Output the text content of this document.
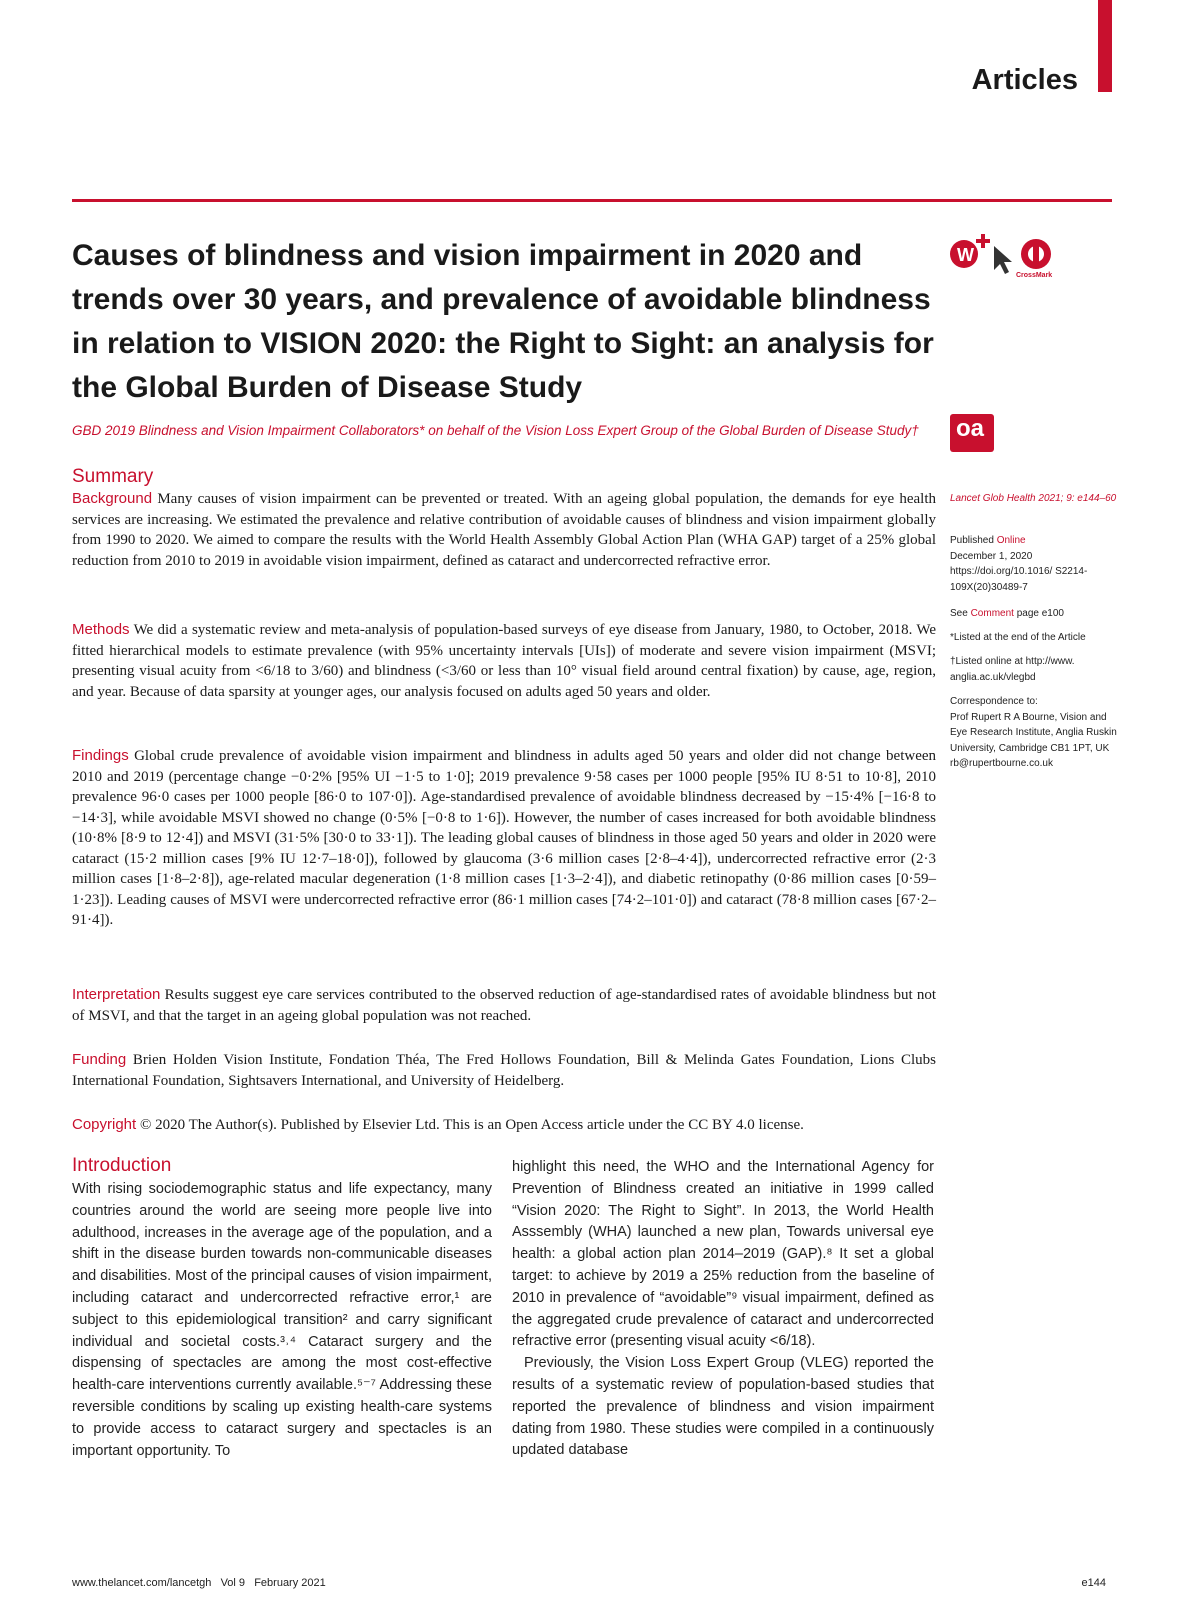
Articles
Causes of blindness and vision impairment in 2020 and trends over 30 years, and prevalence of avoidable blindness in relation to VISION 2020: the Right to Sight: an analysis for the Global Burden of Disease Study
W
CrossMark
oa
GBD 2019 Blindness and Vision Impairment Collaborators* on behalf of the Vision Loss Expert Group of the Global Burden of Disease Study†
Summary
Background Many causes of vision impairment can be prevented or treated. With an ageing global population, the demands for eye health services are increasing. We estimated the prevalence and relative contribution of avoidable causes of blindness and vision impairment globally from 1990 to 2020. We aimed to compare the results with the World Health Assembly Global Action Plan (WHA GAP) target of a 25% global reduction from 2010 to 2019 in avoidable vision impairment, defined as cataract and undercorrected refractive error.
Methods We did a systematic review and meta-analysis of population-based surveys of eye disease from January, 1980, to October, 2018. We fitted hierarchical models to estimate prevalence (with 95% uncertainty intervals [UIs]) of moderate and severe vision impairment (MSVI; presenting visual acuity from <6/18 to 3/60) and blindness (<3/60 or less than 10° visual field around central fixation) by cause, age, region, and year. Because of data sparsity at younger ages, our analysis focused on adults aged 50 years and older.
Findings Global crude prevalence of avoidable vision impairment and blindness in adults aged 50 years and older did not change between 2010 and 2019 (percentage change −0·2% [95% UI −1·5 to 1·0]; 2019 prevalence 9·58 cases per 1000 people [95% IU 8·51 to 10·8], 2010 prevalence 96·0 cases per 1000 people [86·0 to 107·0]). Age-standardised prevalence of avoidable blindness decreased by −15·4% [−16·8 to −14·3], while avoidable MSVI showed no change (0·5% [−0·8 to 1·6]). However, the number of cases increased for both avoidable blindness (10·8% [8·9 to 12·4]) and MSVI (31·5% [30·0 to 33·1]). The leading global causes of blindness in those aged 50 years and older in 2020 were cataract (15·2 million cases [9% IU 12·7–18·0]), followed by glaucoma (3·6 million cases [2·8–4·4]), undercorrected refractive error (2·3 million cases [1·8–2·8]), age-related macular degeneration (1·8 million cases [1·3–2·4]), and diabetic retinopathy (0·86 million cases [0·59–1·23]). Leading causes of MSVI were undercorrected refractive error (86·1 million cases [74·2–101·0]) and cataract (78·8 million cases [67·2–91·4]).
Interpretation Results suggest eye care services contributed to the observed reduction of age-standardised rates of avoidable blindness but not of MSVI, and that the target in an ageing global population was not reached.
Funding Brien Holden Vision Institute, Fondation Théa, The Fred Hollows Foundation, Bill & Melinda Gates Foundation, Lions Clubs International Foundation, Sightsavers International, and University of Heidelberg.
Copyright © 2020 The Author(s). Published by Elsevier Ltd. This is an Open Access article under the CC BY 4.0 license.
Lancet Glob Health 2021; 9: e144–60
Published Online
December 1, 2020
https://doi.org/10.1016/ S2214-109X(20)30489-7
See Comment page e100
*Listed at the end of the Article
†Listed online at http://www. anglia.ac.uk/vlegbd
Correspondence to:
Prof Rupert R A Bourne, Vision and Eye Research Institute, Anglia Ruskin University, Cambridge CB1 1PT, UK
rb@rupertbourne.co.uk
Introduction
With rising sociodemographic status and life expectancy, many countries around the world are seeing more people live into adulthood, increases in the average age of the population, and a shift in the disease burden towards non-communicable diseases and disabilities. Most of the principal causes of vision impairment, including cataract and undercorrected refractive error,¹ are subject to this epidemiological transition² and carry significant individual and societal costs.³˒⁴ Cataract surgery and the dispensing of spectacles are among the most cost-effective health-care interventions currently available.⁵⁻⁷ Addressing these reversible conditions by scaling up existing health-care systems to provide access to cataract surgery and spectacles is an important opportunity. To

highlight this need, the WHO and the International Agency for Prevention of Blindness created an initiative in 1999 called “Vision 2020: The Right to Sight”. In 2013, the World Health Asssembly (WHA) launched a new plan, Towards universal eye health: a global action plan 2014–2019 (GAP).⁸ It set a global target: to achieve by 2019 a 25% reduction from the baseline of 2010 in prevalence of “avoidable”⁹ visual impairment, defined as the aggregated crude prevalence of cataract and undercorrected refractive error (presenting visual acuity <6/18).

Previously, the Vision Loss Expert Group (VLEG) reported the results of a systematic review of population-based studies that reported the prevalence of blindness and vision impairment dating from 1980. These studies were compiled in a continuously updated database

www.thelancet.com/lancetgh   Vol 9   February 2021	e144
